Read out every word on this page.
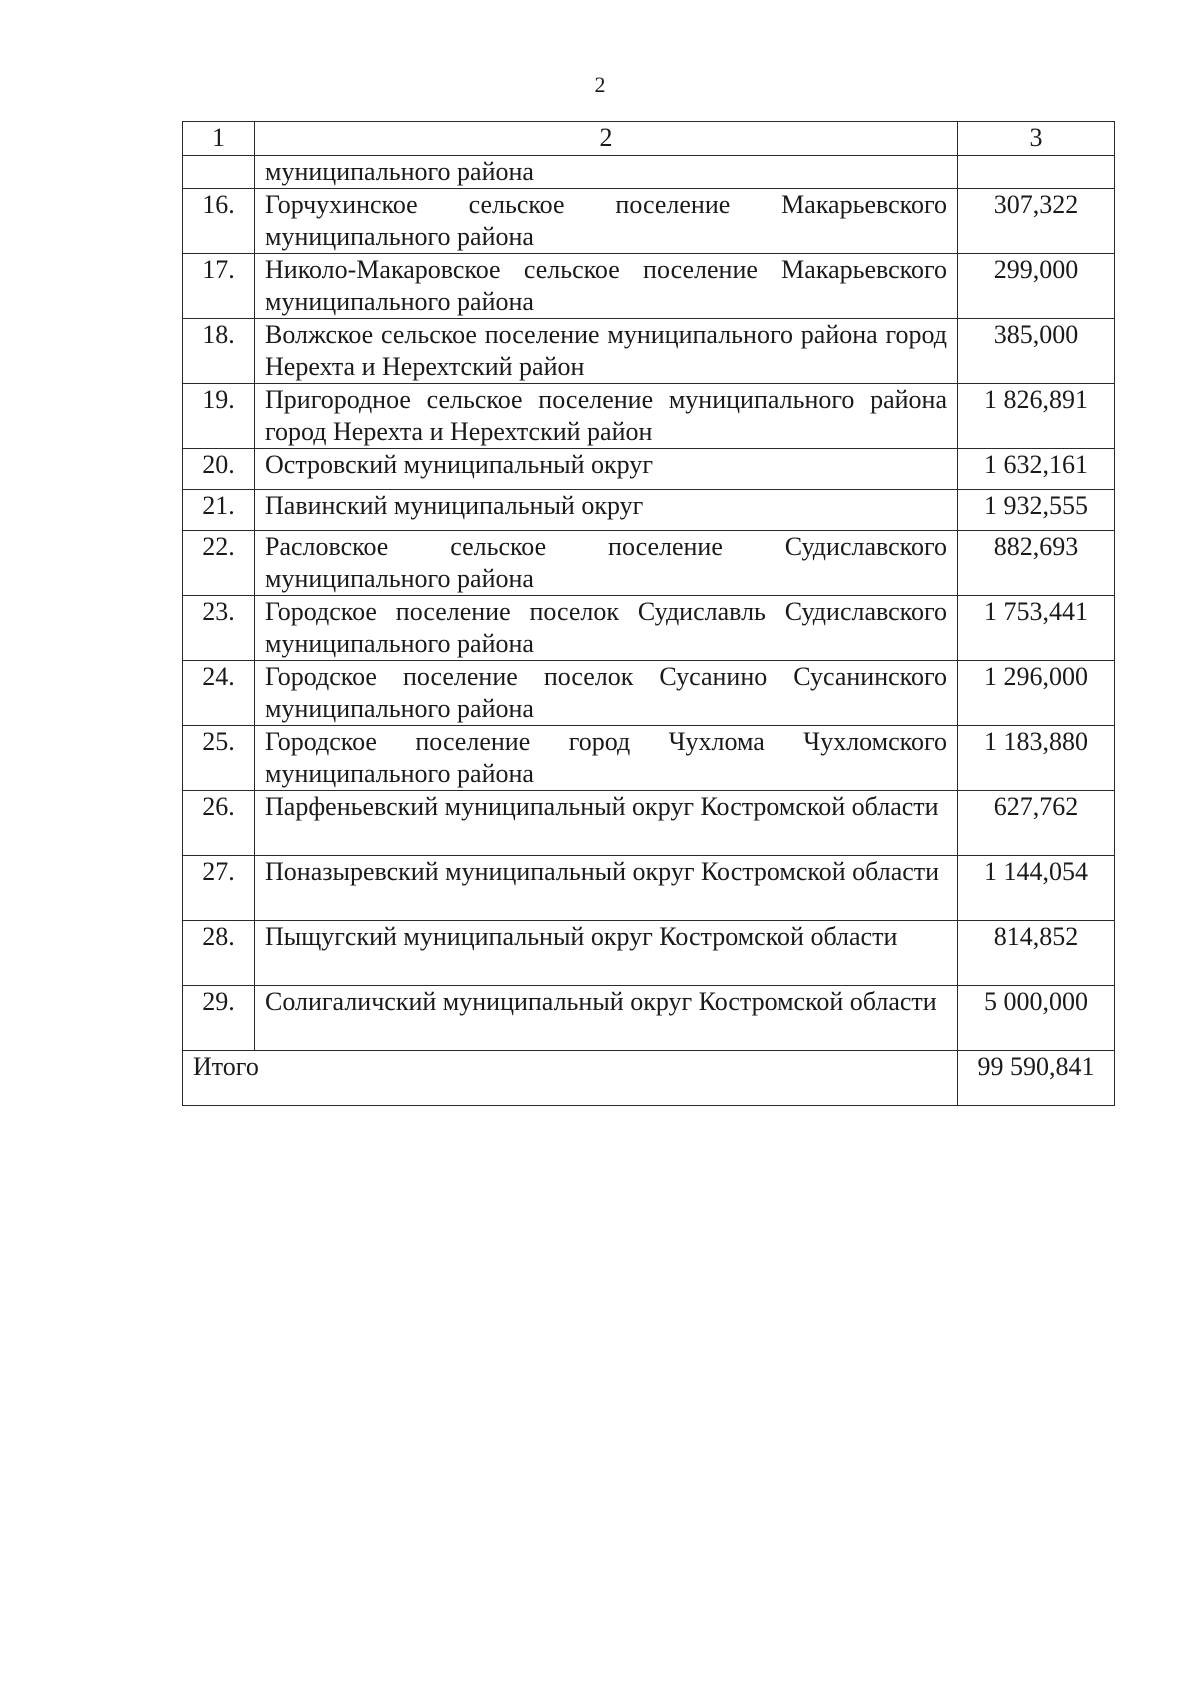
2
1	2	3
	муниципального района	
16.	Горчухинское сельское поселение Макарьевского муниципального района	307,322
17.	Николо-Макаровское сельское поселение Макарьевского муниципального района	299,000
18.	Волжское сельское поселение муниципального района город Нерехта и Нерехтский район	385,000
19.	Пригородное сельское поселение муниципального района город Нерехта и Нерехтский район	1 826,891
20.	Островский муниципальный округ	1 632,161
21.	Павинский муниципальный округ	1 932,555
22.	Расловское сельское поселение Судиславского муниципального района	882,693
23.	Городское поселение поселок Судиславль Судиславского муниципального района	1 753,441
24.	Городское поселение поселок Сусанино Сусанинского муниципального района	1 296,000
25.	Городское поселение город Чухлома Чухломского муниципального района	1 183,880
26.	Парфеньевский муниципальный округ Костромской области	627,762
27.	Поназыревский муниципальный округ Костромской области	1 144,054
28.	Пыщугский муниципальный округ Костромской области	814,852
29.	Солигаличский муниципальный округ Костромской области	5 000,000
Итого		99 590,841
